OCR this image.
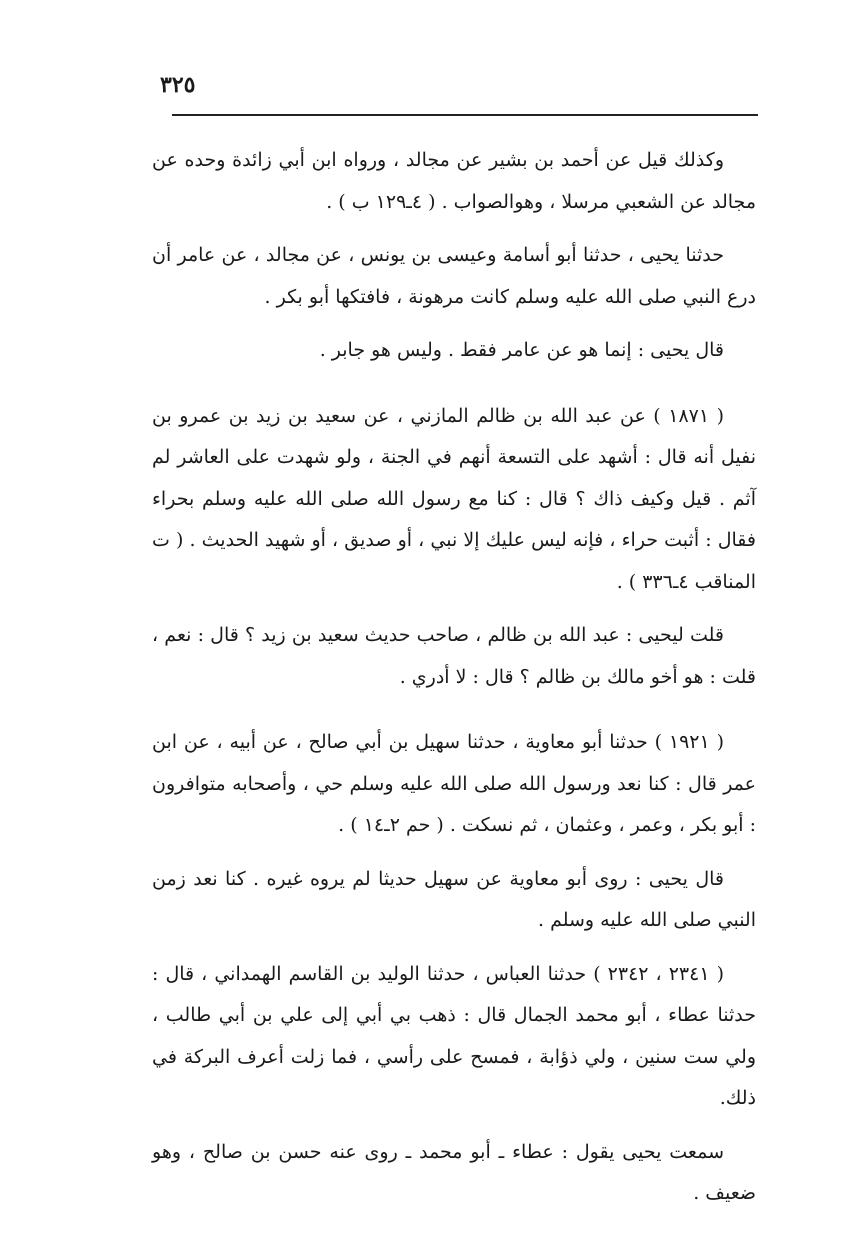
٣٢٥

وكذلك قيل عن أحمد بن بشير عن مجالد ، ورواه ابن أبي زائدة وحده عن مجالد عن الشعبي مرسلا ، وهوالصواب . ( ٤ـ١٢٩ ب ) .

حدثنا يحيى ، حدثنا أبو أسامة وعيسى بن يونس ، عن مجالد ، عن عامر أن درع النبي صلى الله عليه وسلم كانت مرهونة ، فافتكها أبو بكر .

قال يحيى : إنما هو عن عامر فقط . وليس هو جابر .

( ١٨٧١ ) عن عبد الله بن ظالم المازني ، عن سعيد بن زيد بن عمرو بن نفيل أنه قال : أشهد على التسعة أنهم في الجنة ، ولو شهدت على العاشر لم آثم . قيل وكيف ذاك ؟ قال : كنا مع رسول الله صلى الله عليه وسلم بحراء فقال : أثبت حراء ، فإنه ليس عليك إلا نبي ، أو صديق ، أو شهيد الحديث . ( ت المناقب ٤ـ٣٣٦ ) .

قلت ليحيى : عبد الله بن ظالم ، صاحب حديث سعيد بن زيد ؟ قال : نعم ، قلت : هو أخو مالك بن ظالم ؟ قال : لا أدري .

( ١٩٢١ ) حدثنا أبو معاوية ، حدثنا سهيل بن أبي صالح ، عن أبيه ، عن ابن عمر قال : كنا نعد ورسول الله صلى الله عليه وسلم حي ، وأصحابه متوافرون : أبو بكر ، وعمر ، وعثمان ، ثم نسكت . ( حم ٢ـ١٤ ) .

قال يحيى : روى أبو معاوية عن سهيل حديثا لم يروه غيره . كنا نعد زمن النبي صلى الله عليه وسلم .

( ٢٣٤١ ، ٢٣٤٢ ) حدثنا العباس ، حدثنا الوليد بن القاسم الهمداني ، قال : حدثنا عطاء ، أبو محمد الجمال قال : ذهب بي أبي إلى علي بن أبي طالب ، ولي ست سنين ، ولي ذؤابة ، فمسح على رأسي ، فما زلت أعرف البركة في ذلك.

سمعت يحيى يقول : عطاء ـ أبو محمد ـ روى عنه حسن بن صالح ، وهو ضعيف .
